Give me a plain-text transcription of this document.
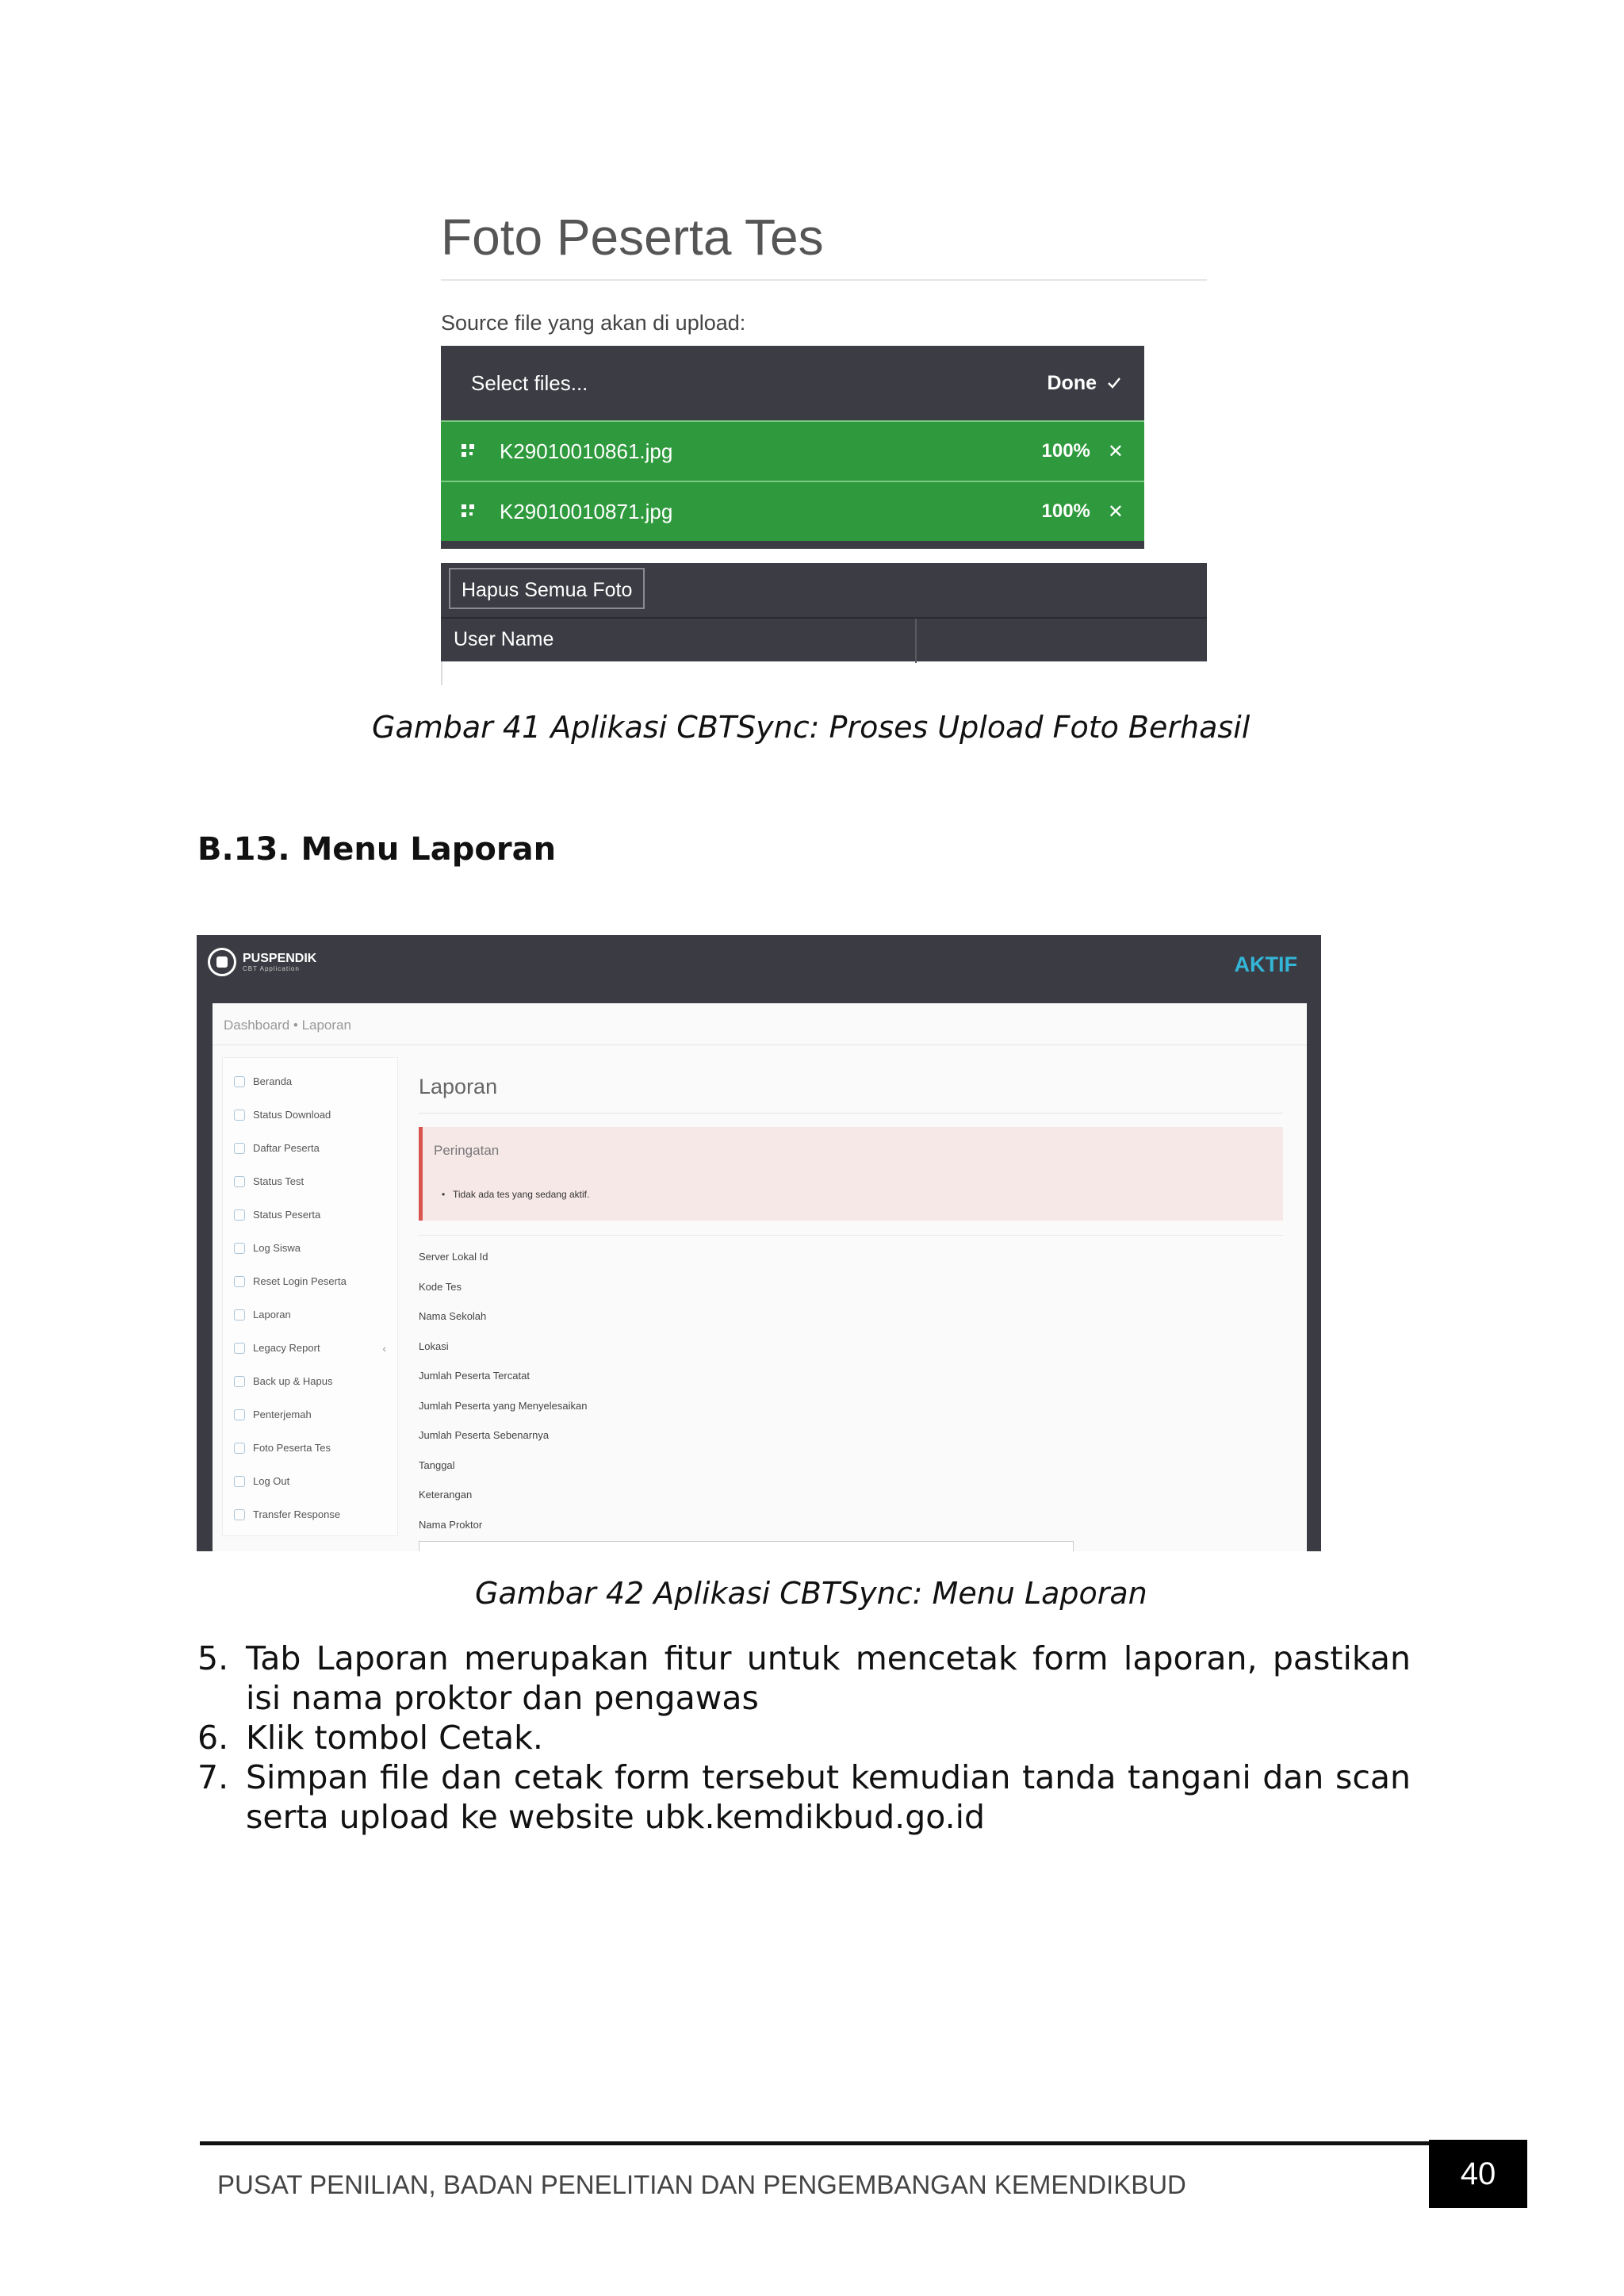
Foto Peserta Tes
Source file yang akan di upload:
Select files...	Done
K29010010861.jpg	100% ✕
K29010010871.jpg	100% ✕
Hapus Semua Foto
User Name
Gambar 41 Aplikasi CBTSync: Proses Upload Foto Berhasil
B.13. Menu Laporan
PUSPENDIK
CBT Application	AKTIF
Dashboard • Laporan
Beranda
Status Download
Daftar Peserta
Status Test
Status Peserta
Log Siswa
Reset Login Peserta
Laporan
Legacy Report	‹
Back up & Hapus
Penterjemah
Foto Peserta Tes
Log Out
Transfer Response
Laporan
Peringatan
• Tidak ada tes yang sedang aktif.
Server Lokal Id
Kode Tes
Nama Sekolah
Lokasi
Jumlah Peserta Tercatat
Jumlah Peserta yang Menyelesaikan
Jumlah Peserta Sebenarnya
Tanggal
Keterangan
Nama Proktor
Gambar 42 Aplikasi CBTSync: Menu Laporan
5. Tab Laporan merupakan fitur untuk mencetak form laporan, pastikan isi nama proktor dan pengawas
6. Klik tombol Cetak.
7. Simpan file dan cetak form tersebut kemudian tanda tangani dan scan serta upload ke website ubk.kemdikbud.go.id
PUSAT PENILIAN, BADAN PENELITIAN DAN PENGEMBANGAN KEMENDIKBUD	40
